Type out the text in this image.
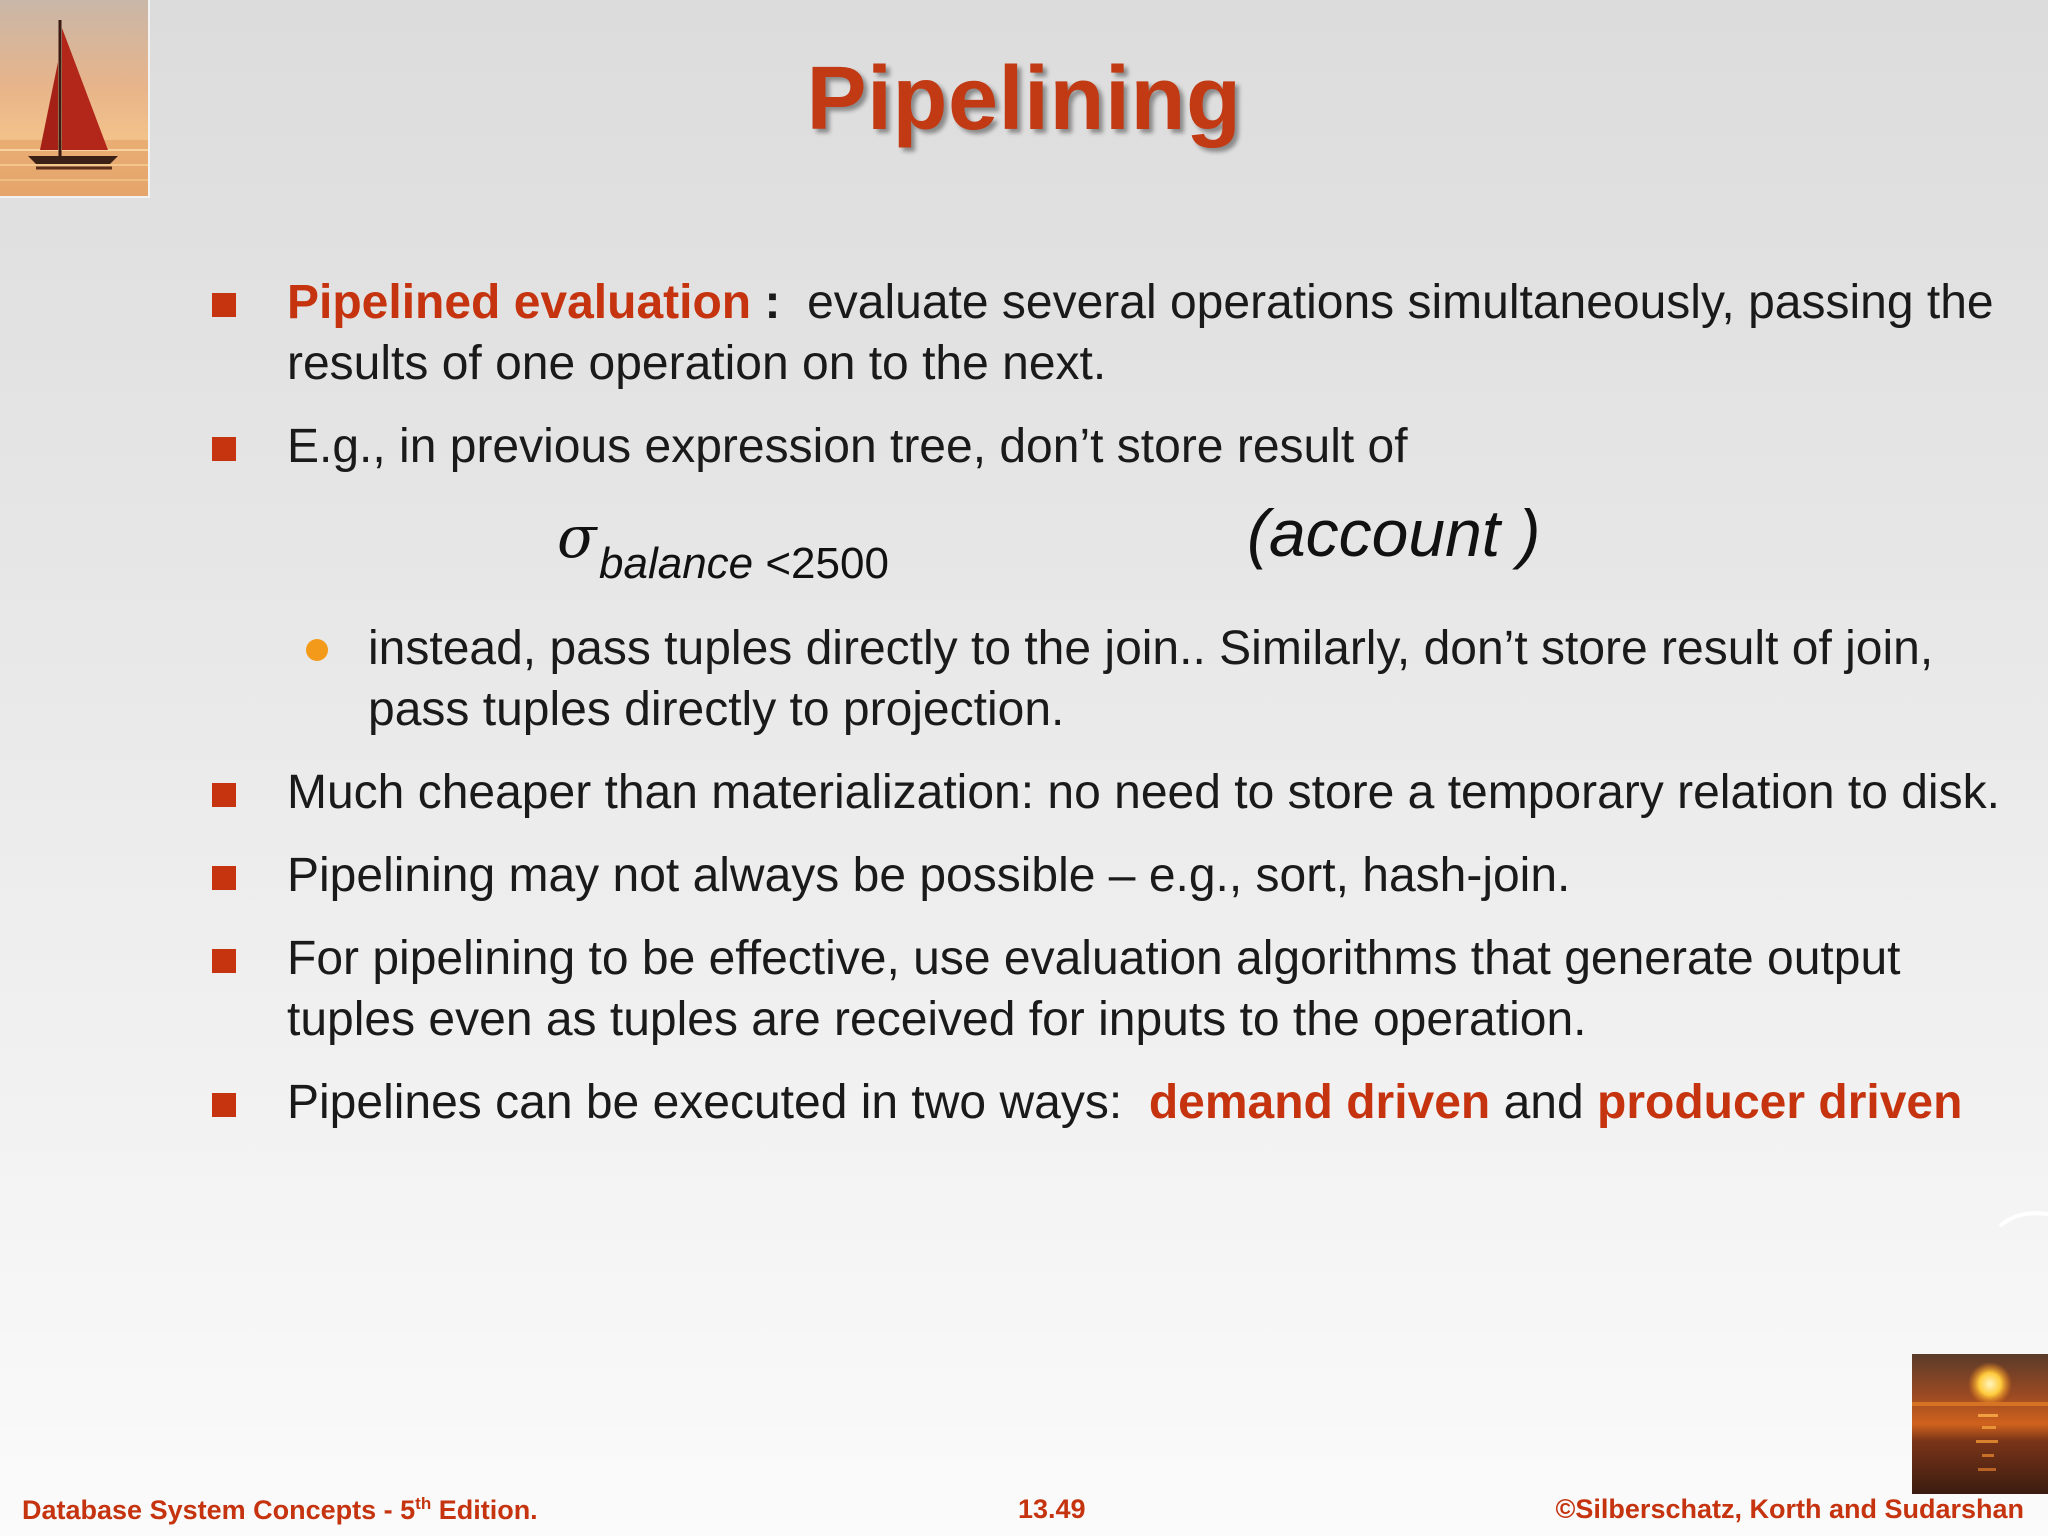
Pipelining
Pipelined evaluation :  evaluate several operations simultaneously, passing the results of one operation on to the next.
E.g., in previous expression tree, don’t store result of
σ balance <2500	(account )
instead, pass tuples directly to the join.. Similarly, don’t store result of join, pass tuples directly to projection.
Much cheaper than materialization: no need to store a temporary relation to disk.
Pipelining may not always be possible – e.g., sort, hash-join.
For pipelining to be effective, use evaluation algorithms that generate output tuples even as tuples are received for inputs to the operation.
Pipelines can be executed in two ways:  demand driven and producer driven
Database System Concepts - 5th Edition.	13.49	©Silberschatz, Korth and Sudarshan
